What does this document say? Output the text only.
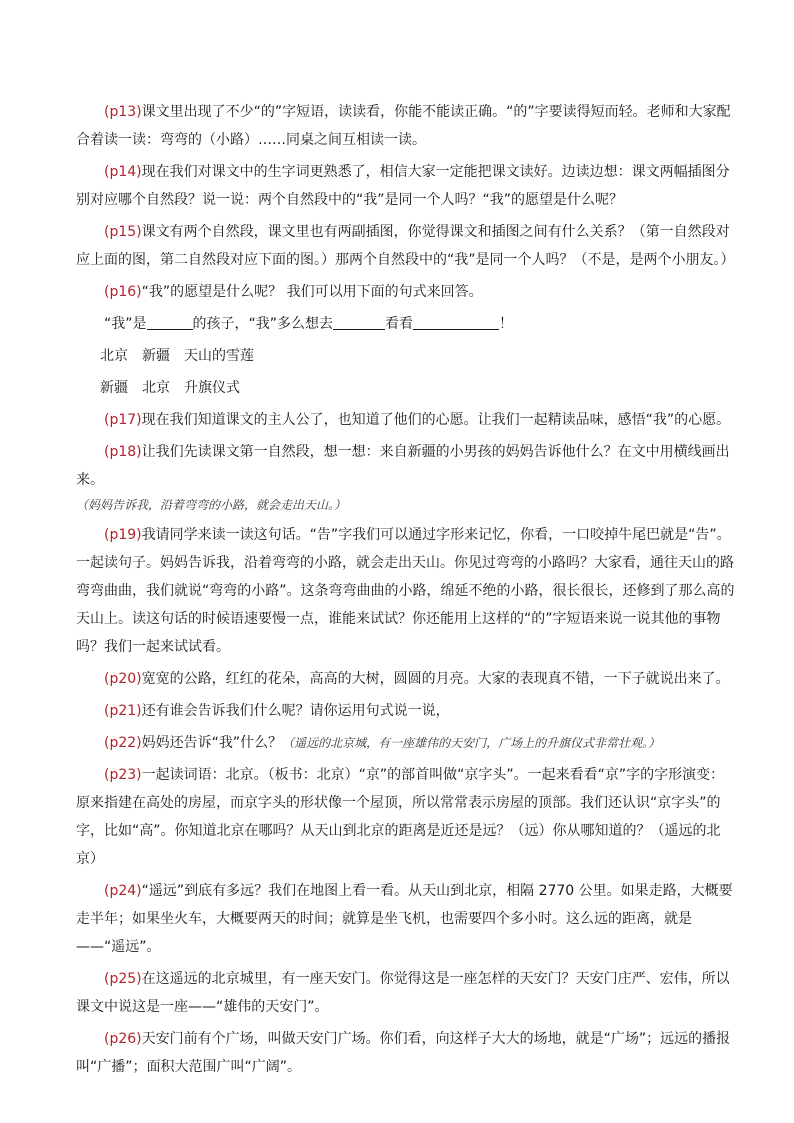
(p13)课文里出现了不少“的”字短语，读读看，你能不能读正确。“的”字要读得短而轻。老师和大家配合着读一读：弯弯的（小路）……同桌之间互相读一读。

(p14)现在我们对课文中的生字词更熟悉了，相信大家一定能把课文读好。边读边想：课文两幅插图分别对应哪个自然段？说一说：两个自然段中的“我”是同一个人吗？“我”的愿望是什么呢？

(p15)课文有两个自然段，课文里也有两副插图，你觉得课文和插图之间有什么关系？（第一自然段对应上面的图，第二自然段对应下面的图。）那两个自然段中的“我”是同一个人吗？（不是，是两个小朋友。）

(p16)“我”的愿望是什么呢？ 我们可以用下面的句式来回答。

“我”是	的孩子，“我”多么想去	看看	！

北京 新疆 天山的雪莲

新疆 北京 升旗仪式

(p17)现在我们知道课文的主人公了，也知道了他们的心愿。让我们一起精读品味，感悟“我”的心愿。

(p18)让我们先读课文第一自然段，想一想：来自新疆的小男孩的妈妈告诉他什么？在文中用横线画出来。

（妈妈告诉我，沿着弯弯的小路，就会走出天山。）

(p19)我请同学来读一读这句话。“告”字我们可以通过字形来记忆，你看，一口咬掉牛尾巴就是“告”。一起读句子。妈妈告诉我，沿着弯弯的小路，就会走出天山。你见过弯弯的小路吗？大家看，通往天山的路弯弯曲曲，我们就说“弯弯的小路”。这条弯弯曲曲的小路，绵延不绝的小路，很长很长，还修到了那么高的天山上。读这句话的时候语速要慢一点，谁能来试试？你还能用上这样的“的”字短语来说一说其他的事物吗？我们一起来试试看。

(p20)宽宽的公路，红红的花朵，高高的大树，圆圆的月亮。大家的表现真不错，一下子就说出来了。

(p21)还有谁会告诉我们什么呢？请你运用句式说一说，

(p22)妈妈还告诉“我”什么？（遥远的北京城，有一座雄伟的天安门，广场上的升旗仪式非常壮观。）

(p23)一起读词语：北京。（板书：北京）“京”的部首叫做“京字头”。一起来看看“京”字的字形演变：原来指建在高处的房屋，而京字头的形状像一个屋顶，所以常常表示房屋的顶部。我们还认识“京字头”的字，比如“高”。你知道北京在哪吗？从天山到北京的距离是近还是远？（远）你从哪知道的？（遥远的北京）

(p24)“遥远”到底有多远？我们在地图上看一看。从天山到北京，相隔 2770 公里。如果走路，大概要走半年；如果坐火车，大概要两天的时间；就算是坐飞机，也需要四个多小时。这么远的距离，就是——“遥远”。

(p25)在这遥远的北京城里，有一座天安门。你觉得这是一座怎样的天安门？天安门庄严、宏伟，所以课文中说这是一座——“雄伟的天安门”。

(p26)天安门前有个广场，叫做天安门广场。你们看，向这样子大大的场地，就是“广场”；远远的播报叫“广播”；面积大范围广叫“广阔”。
